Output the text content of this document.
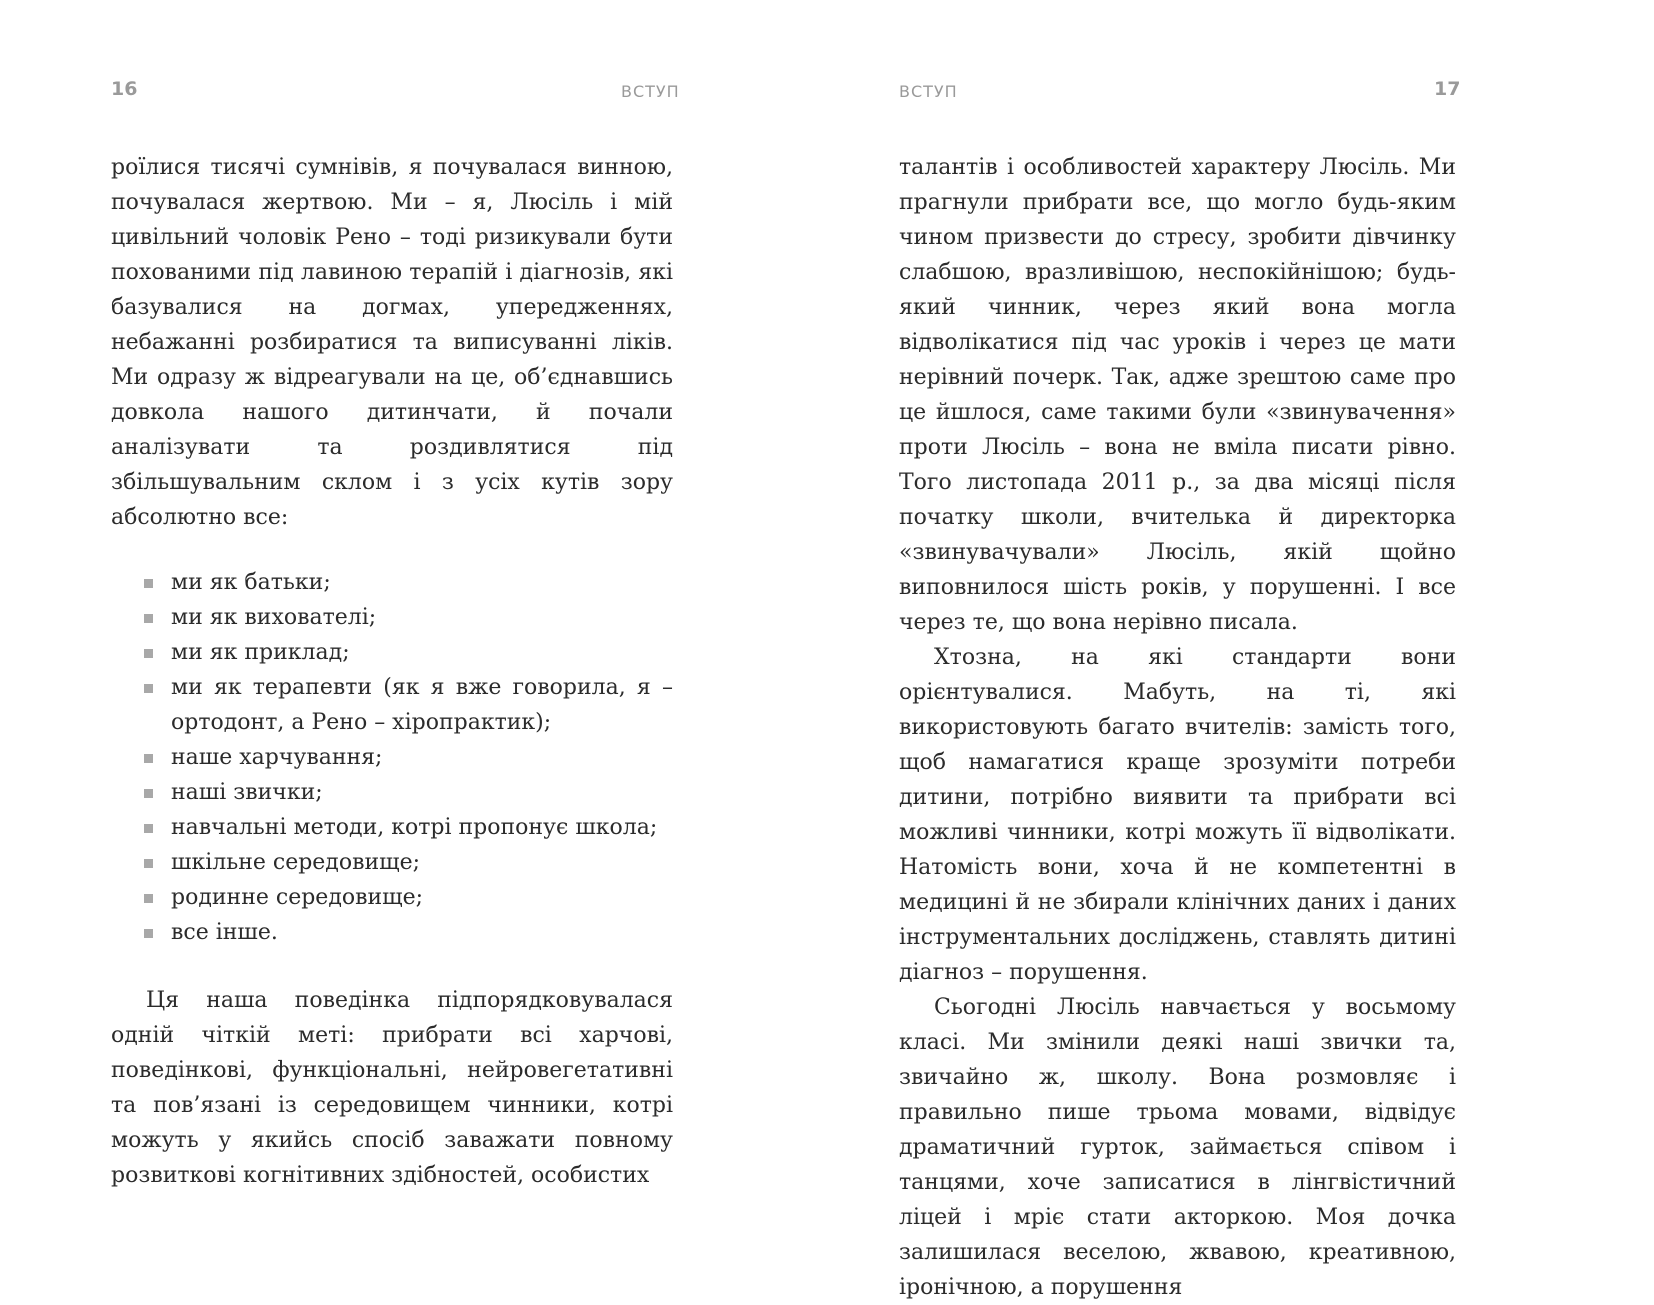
16	ВСТУП

роїлися тисячі сумнівів, я почувалася винною, почувалася жертвою. Ми – я, Люсіль і мій цивільний чоловік Рено – тоді ризикували бути похованими під лавиною терапій і діагнозів, які базувалися на догмах, упередженнях, небажанні розбиратися та виписуванні ліків. Ми одразу ж відреагували на це, об’єднавшись довкола нашого дитинчати, й почали аналізувати та роздивлятися під збільшувальним склом і з усіх кутів зору абсолютно все:

ми як батьки;
ми як вихователі;
ми як приклад;
ми як терапевти (як я вже говорила, я – ортодонт, а Рено – хіропрактик);
наше харчування;
наші звички;
навчальні методи, котрі пропонує школа;
шкільне середовище;
родинне середовище;
все інше.

Ця наша поведінка підпорядковувалася одній чіткій меті: прибрати всі харчові, поведінкові, функціональні, нейровегетативні та пов’язані із середовищем чинники, котрі можуть у якийсь спосіб заважати повному розвиткові когнітивних здібностей, особистих

ВСТУП	17

талантів і особливостей характеру Люсіль. Ми прагнули прибрати все, що могло будь-яким чином призвести до стресу, зробити дівчинку слабшою, вразливішою, неспокійнішою; будь-який чинник, через який вона могла відволікатися під час уроків і через це мати нерівний почерк. Так, адже зрештою саме про це йшлося, саме такими були «звинувачення» проти Люсіль – вона не вміла писати рівно. Того листопада 2011 р., за два місяці після початку школи, вчителька й директорка «звинувачували» Люсіль, якій щойно виповнилося шість років, у порушенні. І все через те, що вона нерівно писала.

Хтозна, на які стандарти вони орієнтувалися. Мабуть, на ті, які використовують багато вчителів: замість того, щоб намагатися краще зрозуміти потреби дитини, потрібно виявити та прибрати всі можливі чинники, котрі можуть її відволікати. Натомість вони, хоча й не компетентні в медицині й не збирали клінічних даних і даних інструментальних досліджень, ставлять дитині діагноз – порушення.

Сьогодні Люсіль навчається у восьмому класі. Ми змінили деякі наші звички та, звичайно ж, школу. Вона розмовляє і правильно пише трьома мовами, відвідує драматичний гурток, займається співом і танцями, хоче записатися в лінгвістичний ліцей і мріє стати акторкою. Моя дочка залишилася веселою, жвавою, креативною, іронічною, а порушення
